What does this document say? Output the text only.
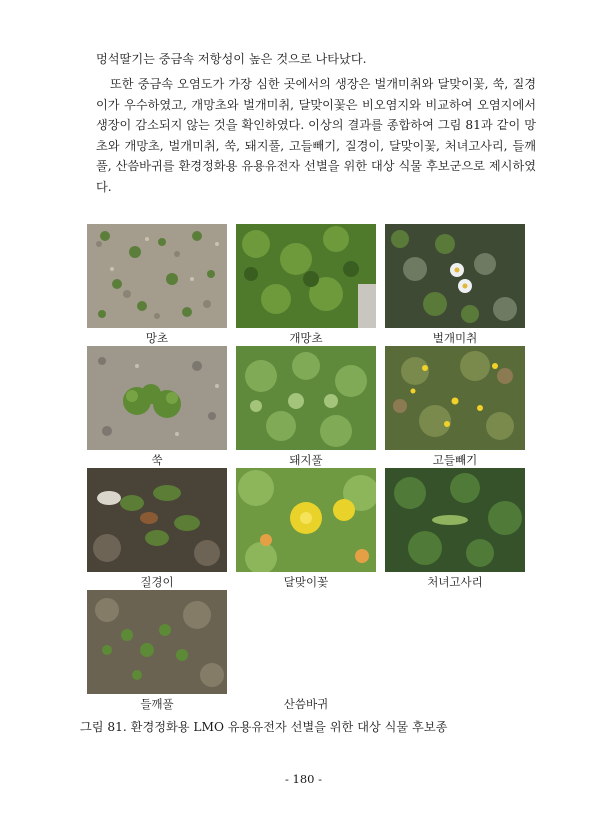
멍석딸기는 중금속 저항성이 높은 것으로 나타났다.

또한 중금속 오염도가 가장 심한 곳에서의 생장은 벌개미취와 달맞이꽃, 쑥, 질경이가 우수하였고, 개망초와 벌개미취, 달맞이꽃은 비오염지와 비교하여 오염지에서 생장이 감소되지 않는 것을 확인하였다. 이상의 결과를 종합하여 그림 81과 같이 망초와 개망초, 벌개미취, 쑥, 돼지풀, 고들빼기, 질경이, 달맞이꽃, 처녀고사리, 들깨풀, 산씀바귀를 환경정화용 유용유전자 선별을 위한 대상 식물 후보군으로 제시하였다.

망초	개망초	벌개미취
쑥	돼지풀	고들빼기
질경이	달맞이꽃	처녀고사리
들깨풀	산씀바귀
그림 81. 환경정화용 LMO 유용유전자 선별을 위한 대상 식물 후보종
- 180 -
